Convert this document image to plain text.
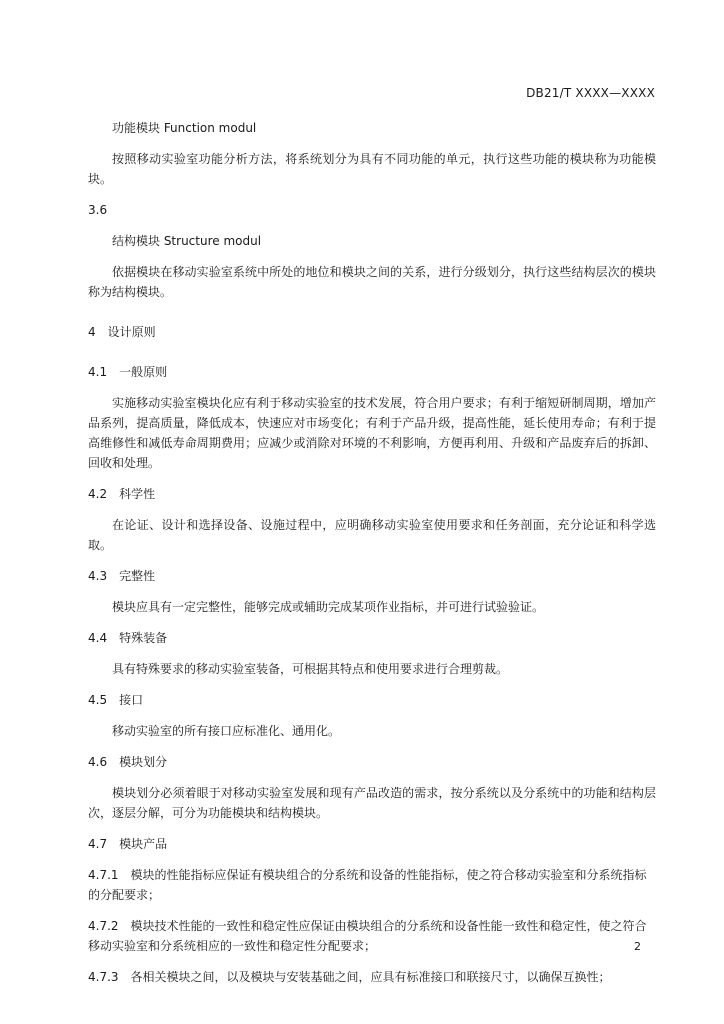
DB21/T XXXX—XXXX

功能模块 Function modul

按照移动实验室功能分析方法，将系统划分为具有不同功能的单元，执行这些功能的模块称为功能模块。

3.6

结构模块 Structure modul

依据模块在移动实验室系统中所处的地位和模块之间的关系，进行分级划分，执行这些结构层次的模块称为结构模块。

4 设计原则

4.1 一般原则

实施移动实验室模块化应有利于移动实验室的技术发展，符合用户要求；有利于缩短研制周期，增加产品系列，提高质量，降低成本，快速应对市场变化；有利于产品升级，提高性能，延长使用寿命；有利于提高维修性和减低寿命周期费用；应减少或消除对环境的不利影响，方便再利用、升级和产品废弃后的拆卸、回收和处理。

4.2 科学性

在论证、设计和选择设备、设施过程中，应明确移动实验室使用要求和任务剖面，充分论证和科学选取。

4.3 完整性

模块应具有一定完整性，能够完成或辅助完成某项作业指标，并可进行试验验证。

4.4 特殊装备

具有特殊要求的移动实验室装备，可根据其特点和使用要求进行合理剪裁。

4.5 接口

移动实验室的所有接口应标准化、通用化。

4.6 模块划分

模块划分必须着眼于对移动实验室发展和现有产品改造的需求，按分系统以及分系统中的功能和结构层次，逐层分解，可分为功能模块和结构模块。

4.7 模块产品

4.7.1 模块的性能指标应保证有模块组合的分系统和设备的性能指标，使之符合移动实验室和分系统指标的分配要求；

4.7.2 模块技术性能的一致性和稳定性应保证由模块组合的分系统和设备性能一致性和稳定性，使之符合移动实验室和分系统相应的一致性和稳定性分配要求；

4.7.3 各相关模块之间，以及模块与安装基础之间，应具有标准接口和联接尺寸，以确保互换性；

2
